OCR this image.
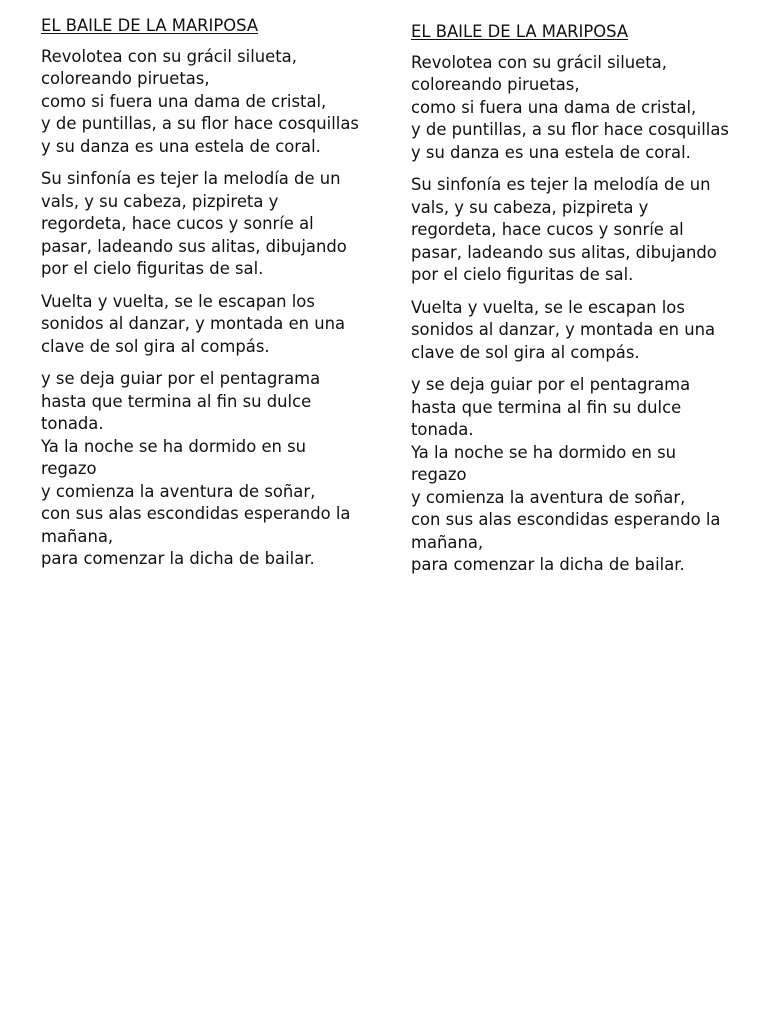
EL BAILE DE LA MARIPOSA
Revolotea con su grácil silueta, coloreando piruetas,
como si fuera una dama de cristal,
y de puntillas, a su flor hace cosquillas y su danza es una estela de coral.
Su sinfonía es tejer la melodía de un vals, y su cabeza, pizpireta y regordeta, hace cucos y sonríe al pasar, ladeando sus alitas, dibujando por el cielo figuritas de sal.
Vuelta y vuelta, se le escapan los sonidos al danzar, y montada en una clave de sol gira al compás.
y se deja guiar por el pentagrama hasta que termina al fin su dulce tonada.
Ya la noche se ha dormido en su regazo
y comienza la aventura de soñar,
con sus alas escondidas esperando la mañana,
para comenzar la dicha de bailar.
EL BAILE DE LA MARIPOSA
Revolotea con su grácil silueta, coloreando piruetas,
como si fuera una dama de cristal,
y de puntillas, a su flor hace cosquillas y su danza es una estela de coral.
Su sinfonía es tejer la melodía de un vals, y su cabeza, pizpireta y regordeta, hace cucos y sonríe al pasar, ladeando sus alitas, dibujando por el cielo figuritas de sal.
Vuelta y vuelta, se le escapan los sonidos al danzar, y montada en una clave de sol gira al compás.
y se deja guiar por el pentagrama hasta que termina al fin su dulce tonada.
Ya la noche se ha dormido en su regazo
y comienza la aventura de soñar,
con sus alas escondidas esperando la mañana,
para comenzar la dicha de bailar.
